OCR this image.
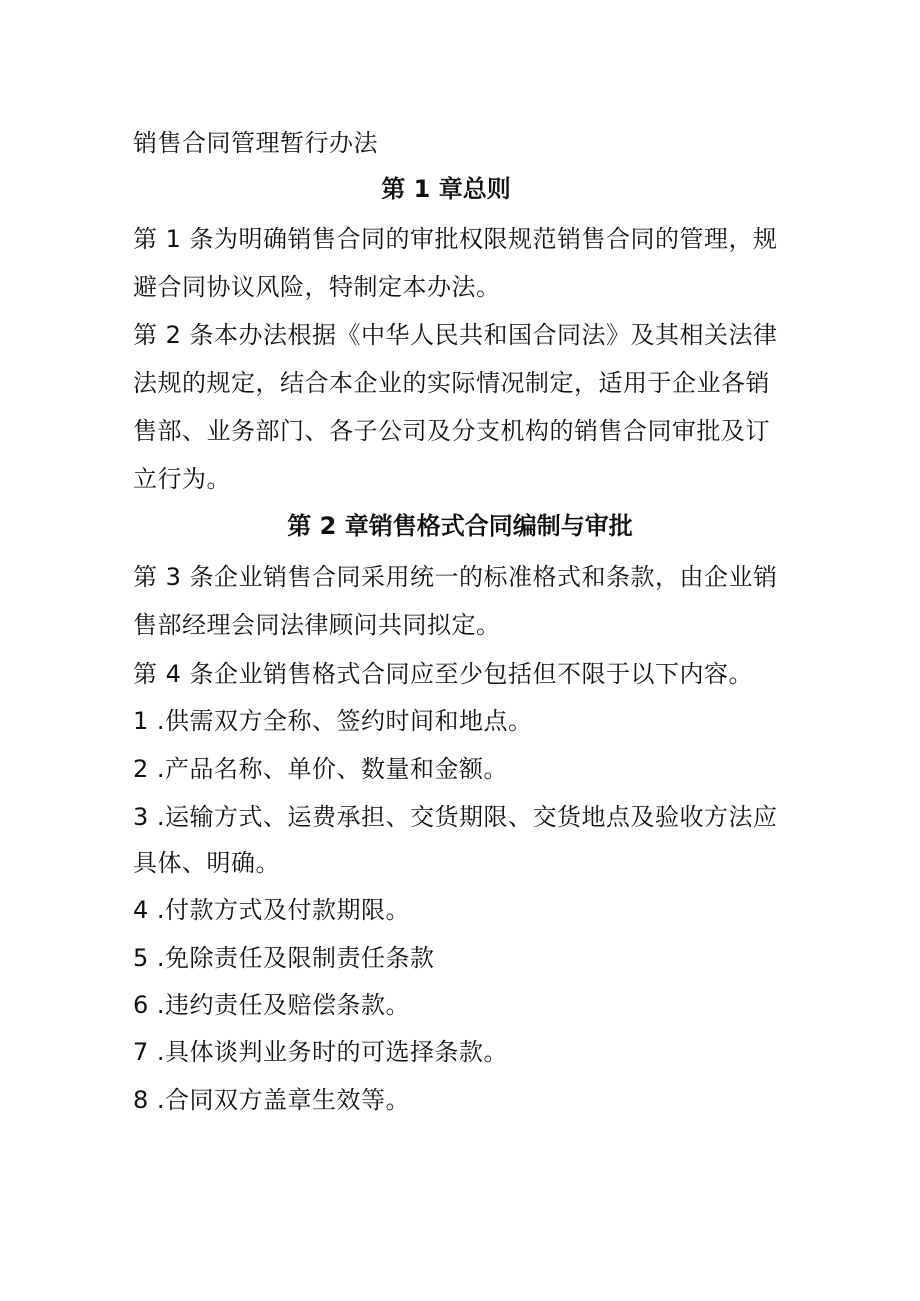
销售合同管理暂行办法
第 1 章总则
第 1 条为明确销售合同的审批权限规范销售合同的管理，规
避合同协议风险，特制定本办法。
第 2 条本办法根据《中华人民共和国合同法》及其相关法律
法规的规定，结合本企业的实际情况制定，适用于企业各销
售部、业务部门、各子公司及分支机构的销售合同审批及订
立行为。
第 2 章销售格式合同编制与审批
第 3 条企业销售合同采用统一的标准格式和条款，由企业销
售部经理会同法律顾问共同拟定。
第 4 条企业销售格式合同应至少包括但不限于以下内容。
1 .供需双方全称、签约时间和地点。
2 .产品名称、单价、数量和金额。
3 .运输方式、运费承担、交货期限、交货地点及验收方法应
具体、明确。
4 .付款方式及付款期限。
5 .免除责任及限制责任条款
6 .违约责任及赔偿条款。
7 .具体谈判业务时的可选择条款。
8 .合同双方盖章生效等。
